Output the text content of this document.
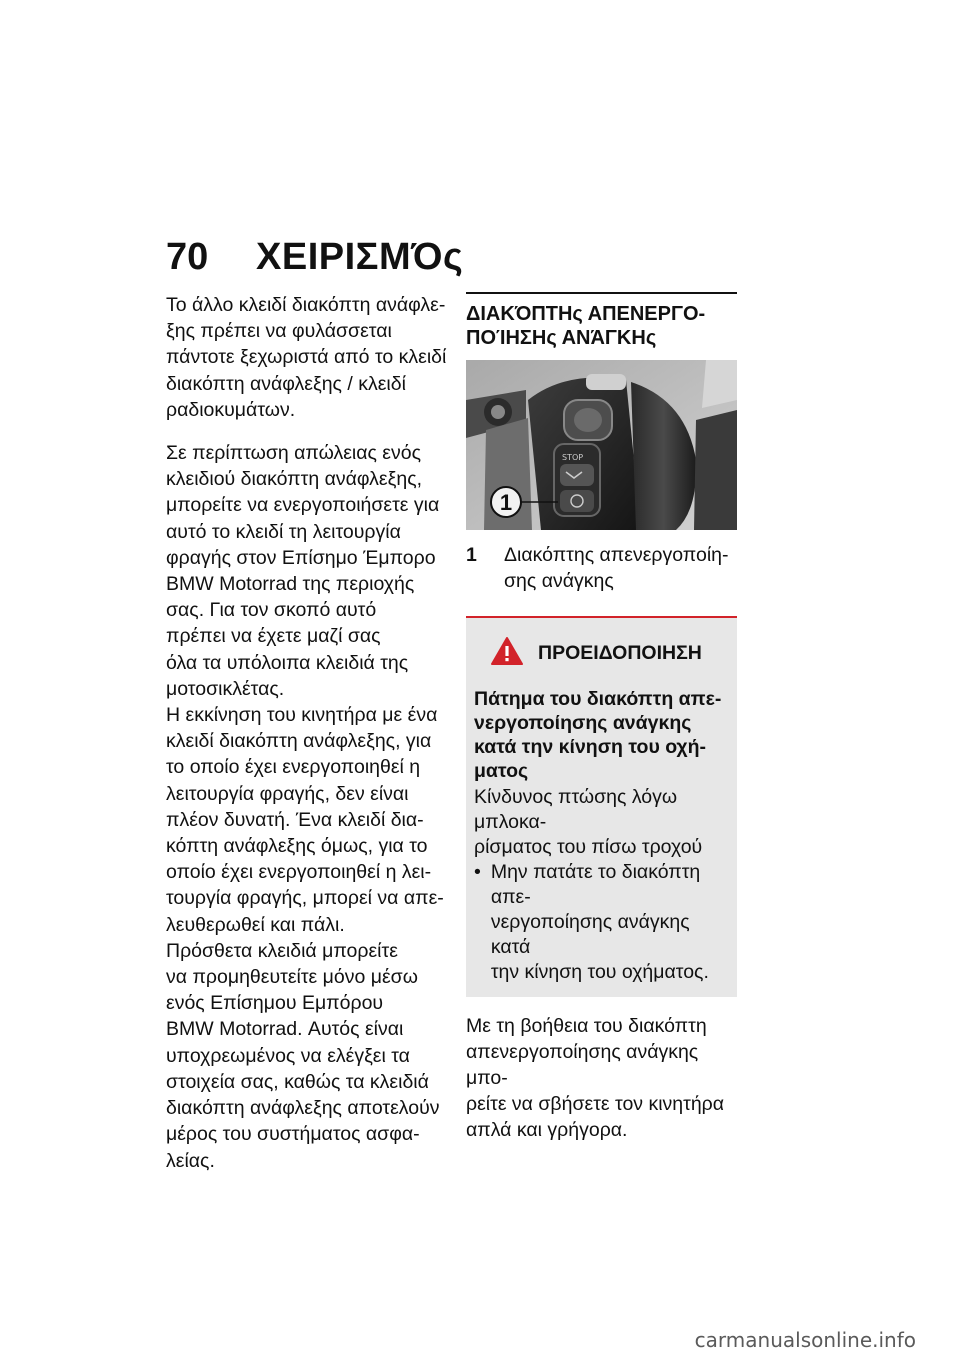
70	ΧΕΙΡΙΣΜΌς

Το άλλο κλειδί διακόπτη ανάφλε-
ξης πρέπει να φυλάσσεται
πάντοτε ξεχωριστά από το κλειδί
διακόπτη ανάφλεξης / κλειδί
ραδιοκυμάτων.

Σε περίπτωση απώλειας ενός
κλειδιού διακόπτη ανάφλεξης,
μπορείτε να ενεργοποιήσετε για
αυτό το κλειδί τη λειτουργία
φραγής στον Επίσημο Έμπορο
BMW Motorrad της περιοχής
σας. Για τον σκοπό αυτό
πρέπει να έχετε μαζί σας
όλα τα υπόλοιπα κλειδιά της
μοτοσικλέτας.

Η εκκίνηση του κινητήρα με ένα
κλειδί διακόπτη ανάφλεξης, για
το οποίο έχει ενεργοποιηθεί η
λειτουργία φραγής, δεν είναι
πλέον δυνατή. Ένα κλειδί δια-
κόπτη ανάφλεξης όμως, για το
οποίο έχει ενεργοποιηθεί η λει-
τουργία φραγής, μπορεί να απε-
λευθερωθεί και πάλι.

Πρόσθετα κλειδιά μπορείτε
να προμηθευτείτε μόνο μέσω
ενός Επίσημου Εμπόρου
BMW Motorrad. Αυτός είναι
υποχρεωμένος να ελέγξει τα
στοιχεία σας, καθώς τα κλειδιά
διακόπτη ανάφλεξης αποτελούν
μέρος του συστήματος ασφα-
λείας.

ΔΙΑΚΌΠΤΗς ΑΠΕΝΕΡΓΟ-
ΠΟΊΗΣΗς ΑΝΆΓΚΗς
STOP
1
1	Διακόπτης απενεργοποίη-
σης ανάγκης
ΠΡΟΕΙΔΟΠΟΙΗΣΗ
Πάτημα του διακόπτη απε-
νεργοποίησης ανάγκης
κατά την κίνηση του οχή-
ματος
Κίνδυνος πτώσης λόγω μπλοκα-
ρίσματος του πίσω τροχού
• Μην πατάτε το διακόπτη απε-
νεργοποίησης ανάγκης κατά
την κίνηση του οχήματος.
Με τη βοήθεια του διακόπτη
απενεργοποίησης ανάγκης μπο-
ρείτε να σβήσετε τον κινητήρα
απλά και γρήγορα.
carmanualsonline.info
